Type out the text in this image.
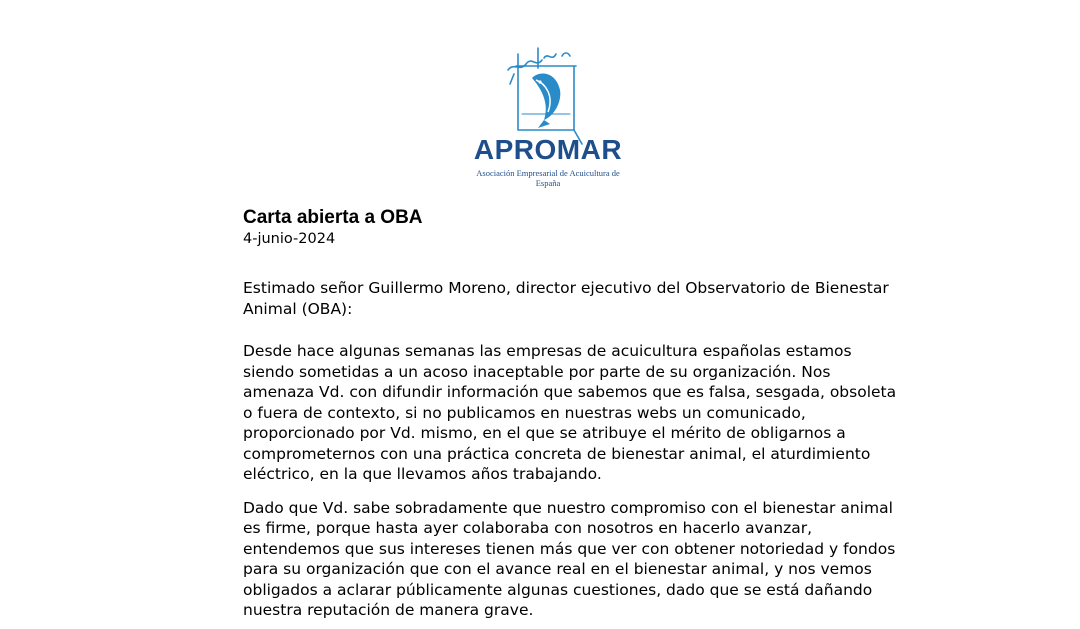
APROMAR
Asociación Empresarial de Acuicultura de España
Carta abierta a OBA
4-junio-2024
Estimado señor Guillermo Moreno, director ejecutivo del Observatorio de Bienestar
Animal (OBA):
Desde hace algunas semanas las empresas de acuicultura españolas estamos
siendo sometidas a un acoso inaceptable por parte de su organización. Nos
amenaza Vd. con difundir información que sabemos que es falsa, sesgada, obsoleta
o fuera de contexto, si no publicamos en nuestras webs un comunicado,
proporcionado por Vd. mismo, en el que se atribuye el mérito de obligarnos a
comprometernos con una práctica concreta de bienestar animal, el aturdimiento
eléctrico, en la que llevamos años trabajando.
Dado que Vd. sabe sobradamente que nuestro compromiso con el bienestar animal
es firme, porque hasta ayer colaboraba con nosotros en hacerlo avanzar,
entendemos que sus intereses tienen más que ver con obtener notoriedad y fondos
para su organización que con el avance real en el bienestar animal, y nos vemos
obligados a aclarar públicamente algunas cuestiones, dado que se está dañando
nuestra reputación de manera grave.
